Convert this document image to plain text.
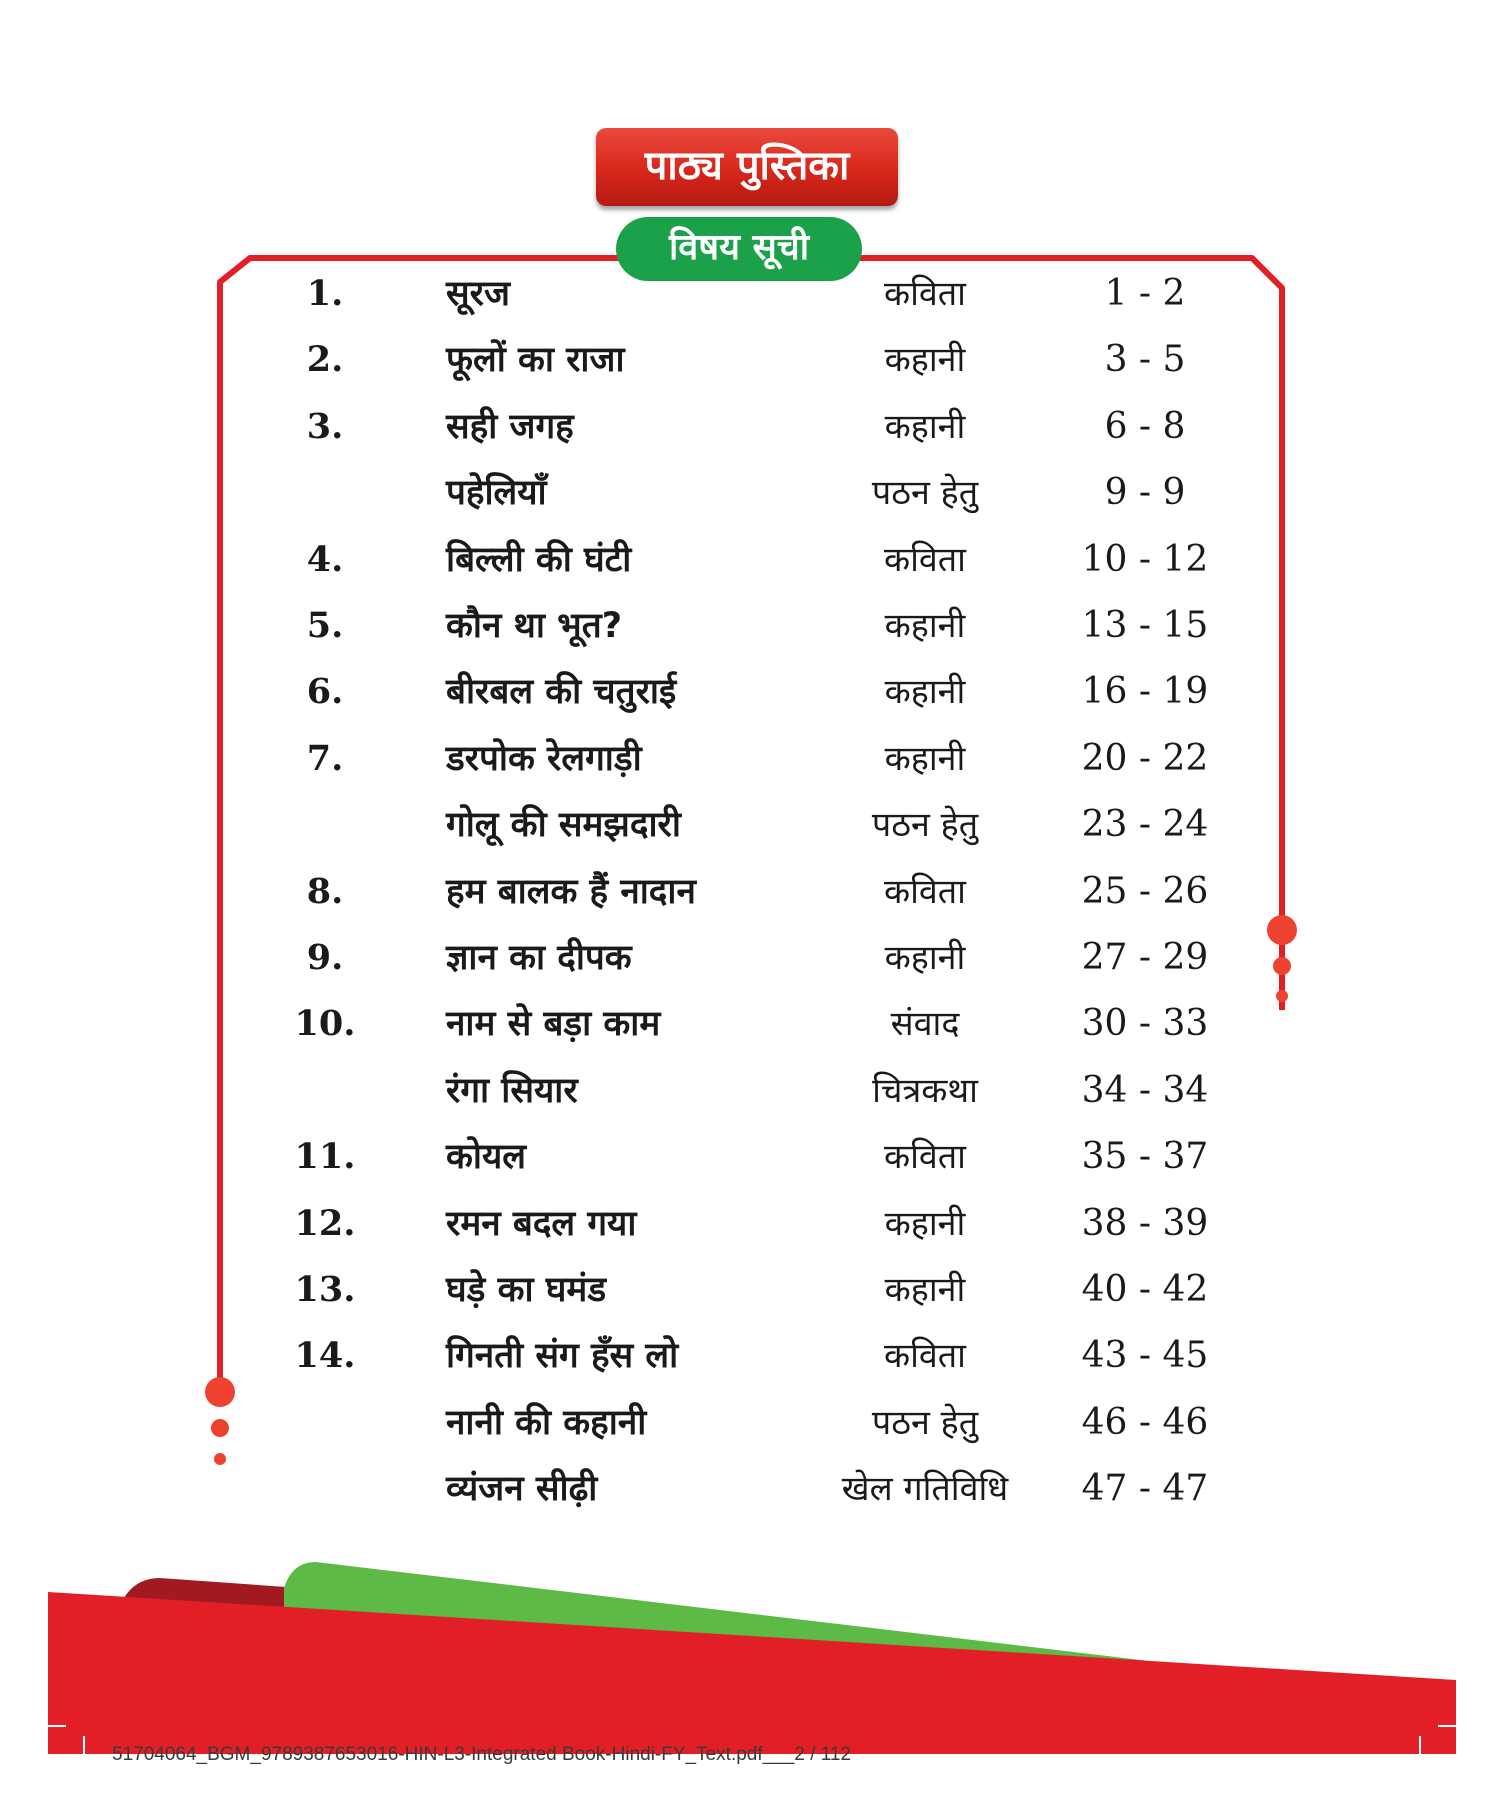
पाठ्य पुस्तिका
विषय सूची
1.	सूरज	कविता	1 - 2
2.	फूलों का राजा	कहानी	3 - 5
3.	सही जगह	कहानी	6 - 8
पहेलियाँ	पठन हेतु	9 - 9
4.	बिल्ली की घंटी	कविता	10 - 12
5.	कौन था भूत?	कहानी	13 - 15
6.	बीरबल की चतुराई	कहानी	16 - 19
7.	डरपोक रेलगाड़ी	कहानी	20 - 22
गोलू की समझदारी	पठन हेतु	23 - 24
8.	हम बालक हैं नादान	कविता	25 - 26
9.	ज्ञान का दीपक	कहानी	27 - 29
10.	नाम से बड़ा काम	संवाद	30 - 33
रंगा सियार	चित्रकथा	34 - 34
11.	कोयल	कविता	35 - 37
12.	रमन बदल गया	कहानी	38 - 39
13.	घड़े का घमंड	कहानी	40 - 42
14.	गिनती संग हँस लो	कविता	43 - 45
नानी की कहानी	पठन हेतु	46 - 46
व्यंजन सीढ़ी	खेल गतिविधि	47 - 47
51704064_BGM_9789387653016-HIN-L3-Integrated Book-Hindi-FY_Text.pdf___2 / 112
